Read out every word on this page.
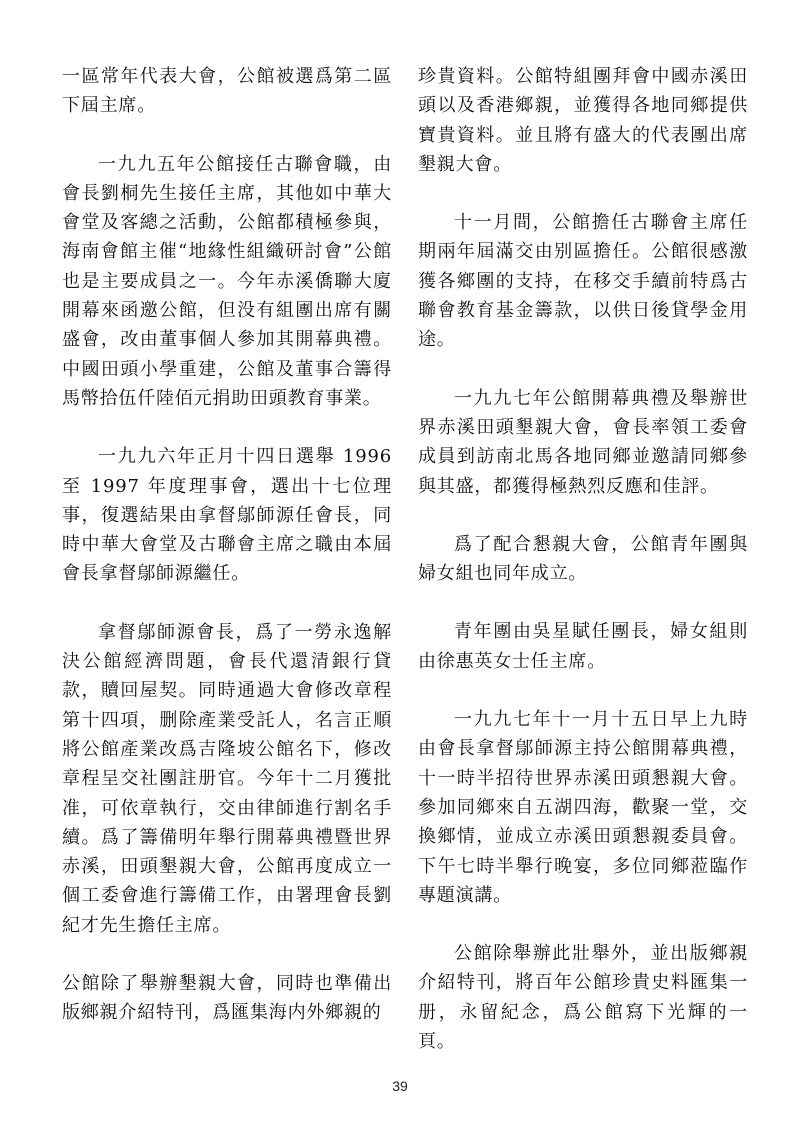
一區常年代表大會，公館被選爲第二區下屆主席。

一九九五年公館接任古聯會職，由會長劉桐先生接任主席，其他如中華大會堂及客總之活動，公館都積極參與，海南會館主催“地緣性組織研討會”公館也是主要成員之一。今年赤溪僑聯大廈開幕來函邀公館，但没有組團出席有關盛會，改由董事個人參加其開幕典禮。中國田頭小學重建，公館及董事合籌得馬幣拾伍仟陸佰元捐助田頭教育事業。

一九九六年正月十四日選舉 1996 至 1997 年度理事會，選出十七位理事，復選結果由拿督鄔師源任會長，同時中華大會堂及古聯會主席之職由本屆會長拿督鄔師源繼任。

拿督鄔師源會長，爲了一勞永逸解決公館經濟問題，會長代還清銀行貸款，贖回屋契。同時通過大會修改章程第十四項，删除產業受託人，名言正順將公館產業改爲吉隆坡公館名下，修改章程呈交社團註册官。今年十二月獲批准，可依章執行，交由律師進行割名手續。爲了籌備明年舉行開幕典禮暨世界赤溪，田頭墾親大會，公館再度成立一個工委會進行籌備工作，由署理會長劉紀才先生擔任主席。

公館除了舉辦墾親大會，同時也準備出版鄉親介紹特刊，爲匯集海内外鄉親的

珍貴資料。公館特組團拜會中國赤溪田頭以及香港鄉親，並獲得各地同鄉提供寶貴資料。並且將有盛大的代表團出席墾親大會。

十一月間，公館擔任古聯會主席任期兩年屆滿交由别區擔任。公館很感激獲各鄉團的支持，在移交手續前特爲古聯會教育基金籌款，以供日後貸學金用途。

一九九七年公館開幕典禮及舉辦世界赤溪田頭墾親大會，會長率領工委會成員到訪南北馬各地同鄉並邀請同鄉參與其盛，都獲得極熱烈反應和佳評。

爲了配合懇親大會，公館青年團與婦女組也同年成立。

青年團由吳星賦任團長，婦女組則由徐惠英女士任主席。

一九九七年十一月十五日早上九時由會長拿督鄔師源主持公館開幕典禮，十一時半招待世界赤溪田頭懇親大會。參加同鄉來自五湖四海，歡聚一堂，交換鄉情，並成立赤溪田頭懇親委員會。下午七時半舉行晚宴，多位同鄉蒞臨作專題演講。

公館除舉辦此壯舉外，並出版鄉親介紹特刊，將百年公館珍貴史料匯集一册，永留紀念，爲公館寫下光輝的一頁。

39
